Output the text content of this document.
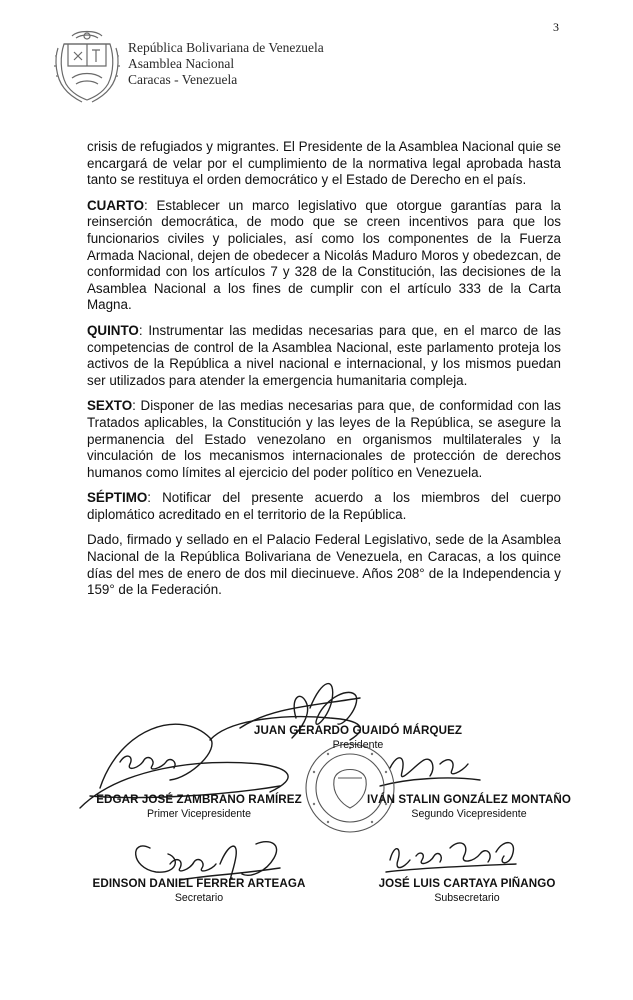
3
República Bolivariana de Venezuela
Asamblea Nacional
Caracas - Venezuela

crisis de refugiados y migrantes. El Presidente de la Asamblea Nacional quie se encargará de velar por el cumplimiento de la normativa legal aprobada hasta tanto se restituya el orden democrático y el Estado de Derecho en el país.

CUARTO: Establecer un marco legislativo que otorgue garantías para la reinserción democrática, de modo que se creen incentivos para que los funcionarios civiles y policiales, así como los componentes de la Fuerza Armada Nacional, dejen de obedecer a Nicolás Maduro Moros y obedezcan, de conformidad con los artículos 7 y 328 de la Constitución, las decisiones de la Asamblea Nacional a los fines de cumplir con el artículo 333 de la Carta Magna.

QUINTO: Instrumentar las medidas necesarias para que, en el marco de las competencias de control de la Asamblea Nacional, este parlamento proteja los activos de la República a nivel nacional e internacional, y los mismos puedan ser utilizados para atender la emergencia humanitaria compleja.

SEXTO: Disponer de las medias necesarias para que, de conformidad con las Tratados aplicables, la Constitución y las leyes de la República, se asegure la permanencia del Estado venezolano en organismos multilaterales y la vinculación de los mecanismos internacionales de protección de derechos humanos como límites al ejercicio del poder político en Venezuela.

SÉPTIMO: Notificar del presente acuerdo a los miembros del cuerpo diplomático acreditado en el territorio de la República.

Dado, firmado y sellado en el Palacio Federal Legislativo, sede de la Asamblea Nacional de la República Bolivariana de Venezuela, en Caracas, a los quince días del mes de enero de dos mil diecinueve. Años 208° de la Independencia y 159° de la Federación.

JUAN GERARDO GUAIDÓ MÁRQUEZ
Presidente
EDGAR JOSÉ ZAMBRANO RAMÍREZ
Primer Vicepresidente
IVÁN STALIN GONZÁLEZ MONTAÑO
Segundo Vicepresidente
EDINSON DANIEL FERRER ARTEAGA
Secretario
JOSÉ LUIS CARTAYA PIÑANGO
Subsecretario
